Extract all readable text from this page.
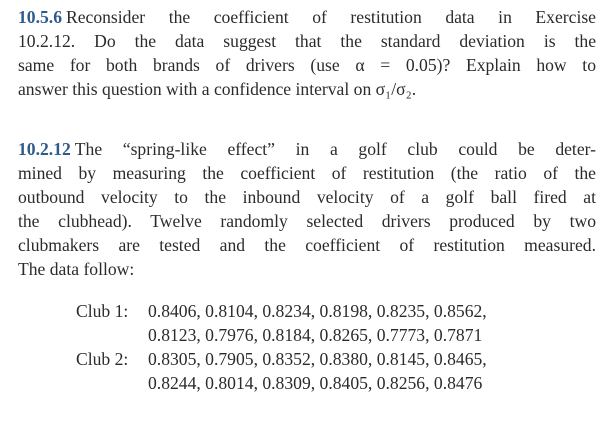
10.5.6 Reconsider the coefficient of restitution data in Exercise
10.2.12. Do the data suggest that the standard deviation is the
same for both brands of drivers (use α = 0.05)? Explain how to
answer this question with a confidence interval on σ₁/σ₂.
10.2.12 The “spring-like effect” in a golf club could be deter-
mined by measuring the coefficient of restitution (the ratio of the
outbound velocity to the inbound velocity of a golf ball fired at
the clubhead). Twelve randomly selected drivers produced by two
clubmakers are tested and the coefficient of restitution measured.
The data follow:
Club 1: 0.8406, 0.8104, 0.8234, 0.8198, 0.8235, 0.8562,
0.8123, 0.7976, 0.8184, 0.8265, 0.7773, 0.7871
Club 2: 0.8305, 0.7905, 0.8352, 0.8380, 0.8145, 0.8465,
0.8244, 0.8014, 0.8309, 0.8405, 0.8256, 0.8476
